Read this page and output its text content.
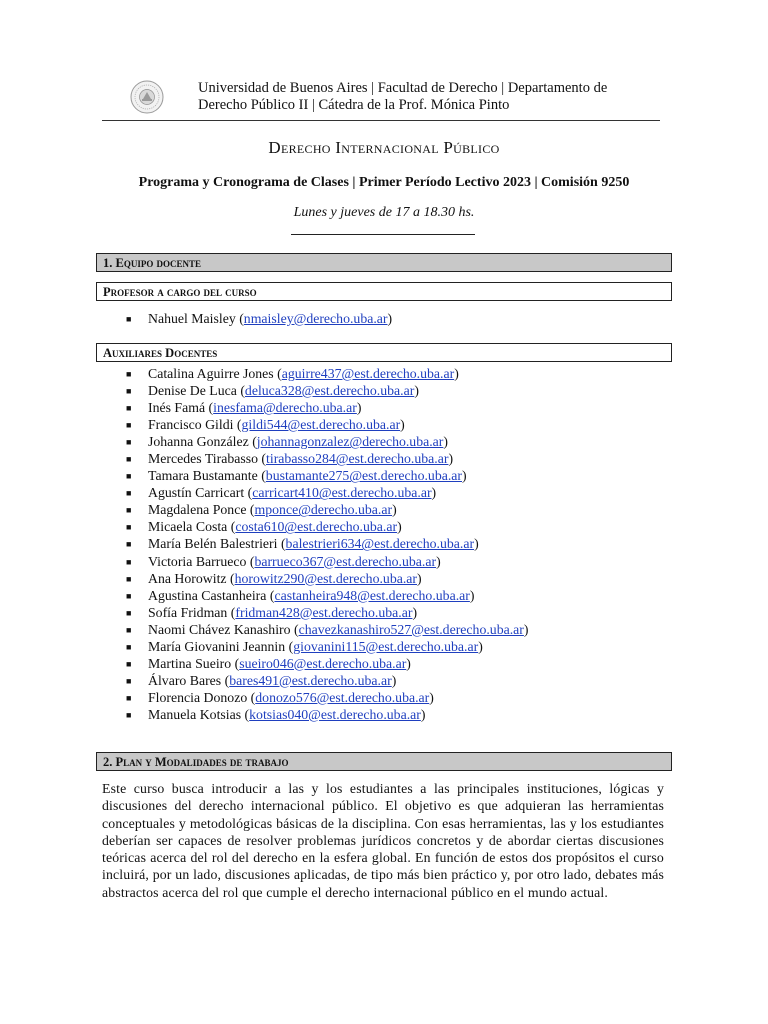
Universidad de Buenos Aires | Facultad de Derecho | Departamento de
Derecho Público II | Cátedra de la Prof. Mónica Pinto
Derecho Internacional Público
Programa y Cronograma de Clases | Primer Período Lectivo 2023 | Comisión 9250
Lunes y jueves de 17 a 18.30 hs.
1. Equipo docente
Profesor a cargo del curso
■ Nahuel Maisley (nmaisley@derecho.uba.ar)
Auxiliares Docentes
■ Catalina Aguirre Jones (aguirre437@est.derecho.uba.ar)
■ Denise De Luca (deluca328@est.derecho.uba.ar)
■ Inés Famá (inesfama@derecho.uba.ar)
■ Francisco Gildi (gildi544@est.derecho.uba.ar)
■ Johanna González (johannagonzalez@derecho.uba.ar)
■ Mercedes Tirabasso (tirabasso284@est.derecho.uba.ar)
■ Tamara Bustamante (bustamante275@est.derecho.uba.ar)
■ Agustín Carricart (carricart410@est.derecho.uba.ar)
■ Magdalena Ponce (mponce@derecho.uba.ar)
■ Micaela Costa (costa610@est.derecho.uba.ar)
■ María Belén Balestrieri (balestrieri634@est.derecho.uba.ar)
■ Victoria Barrueco (barrueco367@est.derecho.uba.ar)
■ Ana Horowitz (horowitz290@est.derecho.uba.ar)
■ Agustina Castanheira (castanheira948@est.derecho.uba.ar)
■ Sofía Fridman (fridman428@est.derecho.uba.ar)
■ Naomi Chávez Kanashiro (chavezkanashiro527@est.derecho.uba.ar)
■ María Giovanini Jeannin (giovanini115@est.derecho.uba.ar)
■ Martina Sueiro (sueiro046@est.derecho.uba.ar)
■ Álvaro Bares (bares491@est.derecho.uba.ar)
■ Florencia Donozo (donozo576@est.derecho.uba.ar)
■ Manuela Kotsias (kotsias040@est.derecho.uba.ar)
2. Plan y Modalidades de trabajo
Este curso busca introducir a las y los estudiantes a las principales instituciones, lógicas y discusiones del derecho internacional público. El objetivo es que adquieran las herramientas conceptuales y metodológicas básicas de la disciplina. Con esas herramientas, las y los estudiantes deberían ser capaces de resolver problemas jurídicos concretos y de abordar ciertas discusiones teóricas acerca del rol del derecho en la esfera global. En función de estos dos propósitos el curso incluirá, por un lado, discusiones aplicadas, de tipo más bien práctico y, por otro lado, debates más abstractos acerca del rol que cumple el derecho internacional público en el mundo actual.
